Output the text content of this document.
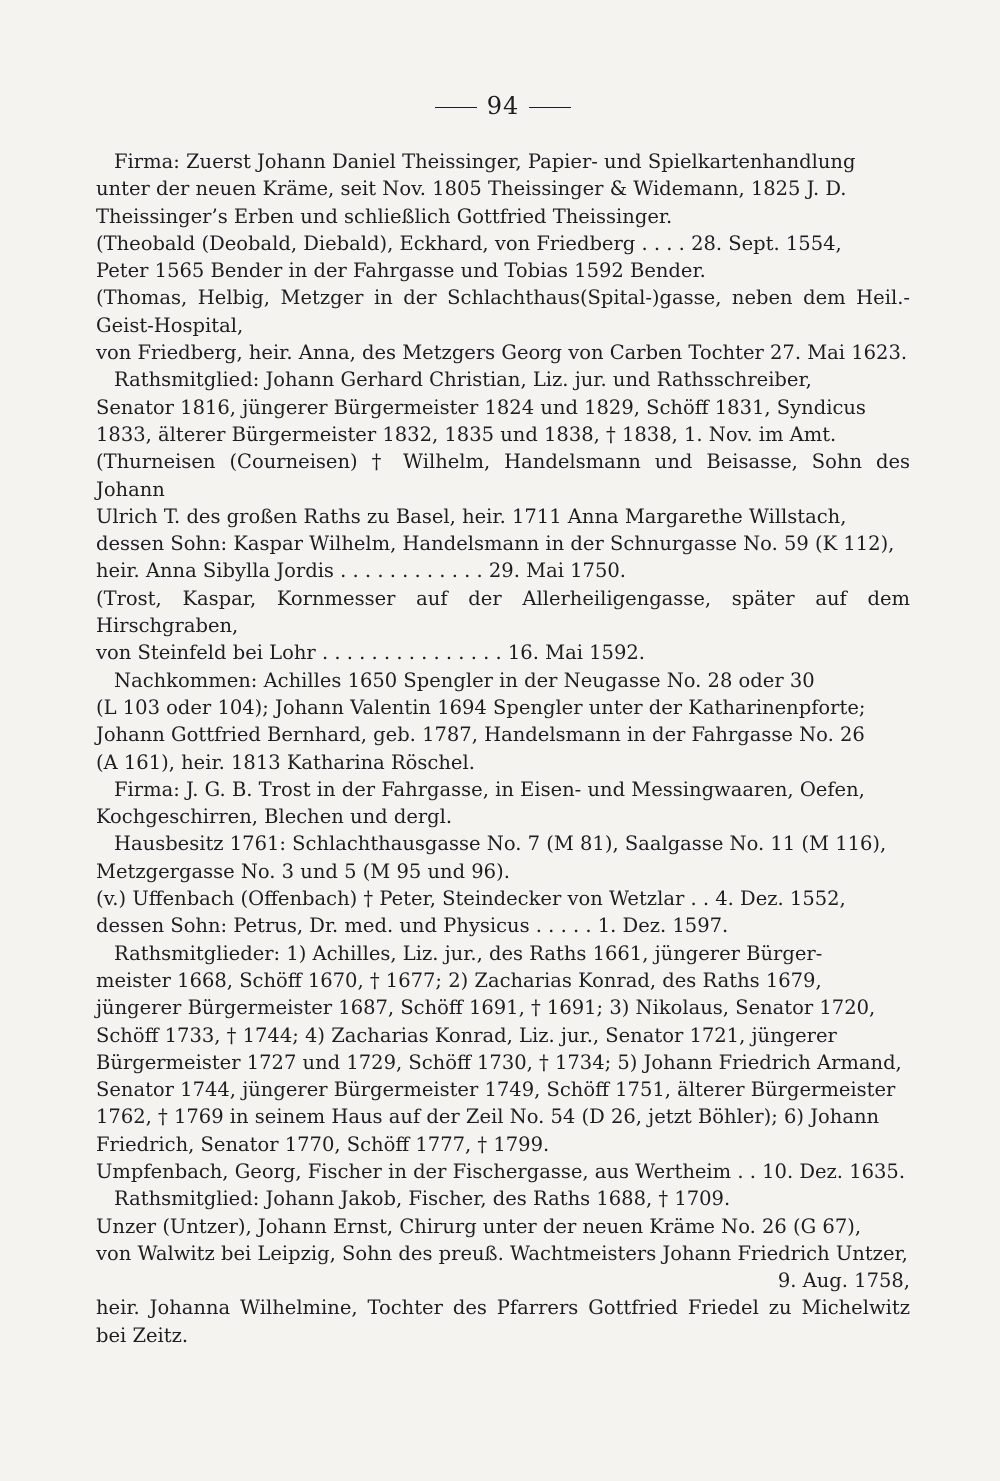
94

Firma: Zuerst Johann Daniel Theissinger, Papier- und Spielkartenhandlung

unter der neuen Kräme, seit Nov. 1805 Theissinger & Widemann, 1825 J. D.

Theissinger’s Erben und schließlich Gottfried Theissinger.

(Theobald (Deobald, Diebald), Eckhard, von Friedberg . . . . 28. Sept. 1554,

Peter 1565 Bender in der Fahrgasse und Tobias 1592 Bender.

(Thomas, Helbig, Metzger in der Schlachthaus(Spital-)gasse, neben dem Heil.-Geist-Hospital,

von Friedberg, heir. Anna, des Metzgers Georg von Carben Tochter 27. Mai 1623.

Rathsmitglied: Johann Gerhard Christian, Liz. jur. und Rathsschreiber,

Senator 1816, jüngerer Bürgermeister 1824 und 1829, Schöff 1831, Syndicus

1833, älterer Bürgermeister 1832, 1835 und 1838, † 1838, 1. Nov. im Amt.

(Thurneisen (Courneisen) † Wilhelm, Handelsmann und Beisasse, Sohn des Johann

Ulrich T. des großen Raths zu Basel, heir. 1711 Anna Margarethe Willstach,

dessen Sohn: Kaspar Wilhelm, Handelsmann in der Schnurgasse No. 59 (K 112),

heir. Anna Sibylla Jordis . . . . . . . . . . . . 29. Mai 1750.

(Trost, Kaspar, Kornmesser auf der Allerheiligengasse, später auf dem Hirschgraben,

von Steinfeld bei Lohr . . . . . . . . . . . . . . . 16. Mai 1592.

Nachkommen: Achilles 1650 Spengler in der Neugasse No. 28 oder 30

(L 103 oder 104); Johann Valentin 1694 Spengler unter der Katharinenpforte;

Johann Gottfried Bernhard, geb. 1787, Handelsmann in der Fahrgasse No. 26

(A 161), heir. 1813 Katharina Röschel.

Firma: J. G. B. Trost in der Fahrgasse, in Eisen- und Messingwaaren, Oefen,

Kochgeschirren, Blechen und dergl.

Hausbesitz 1761: Schlachthausgasse No. 7 (M 81), Saalgasse No. 11 (M 116),

Metzgergasse No. 3 und 5 (M 95 und 96).

(v.) Uffenbach (Offenbach) † Peter, Steindecker von Wetzlar . . 4. Dez. 1552,

dessen Sohn: Petrus, Dr. med. und Physicus . . . . . 1. Dez. 1597.

Rathsmitglieder: 1) Achilles, Liz. jur., des Raths 1661, jüngerer Bürger-

meister 1668, Schöff 1670, † 1677; 2) Zacharias Konrad, des Raths 1679,

jüngerer Bürgermeister 1687, Schöff 1691, † 1691; 3) Nikolaus, Senator 1720,

Schöff 1733, † 1744; 4) Zacharias Konrad, Liz. jur., Senator 1721, jüngerer

Bürgermeister 1727 und 1729, Schöff 1730, † 1734; 5) Johann Friedrich Armand,

Senator 1744, jüngerer Bürgermeister 1749, Schöff 1751, älterer Bürgermeister

1762, † 1769 in seinem Haus auf der Zeil No. 54 (D 26, jetzt Böhler); 6) Johann

Friedrich, Senator 1770, Schöff 1777, † 1799.

Umpfenbach, Georg, Fischer in der Fischergasse, aus Wertheim . . 10. Dez. 1635.

Rathsmitglied: Johann Jakob, Fischer, des Raths 1688, † 1709.

Unzer (Untzer), Johann Ernst, Chirurg unter der neuen Kräme No. 26 (G 67),

von Walwitz bei Leipzig, Sohn des preuß. Wachtmeisters Johann Friedrich Untzer,

9. Aug. 1758,

heir. Johanna Wilhelmine, Tochter des Pfarrers Gottfried Friedel zu Michelwitz bei Zeitz.
